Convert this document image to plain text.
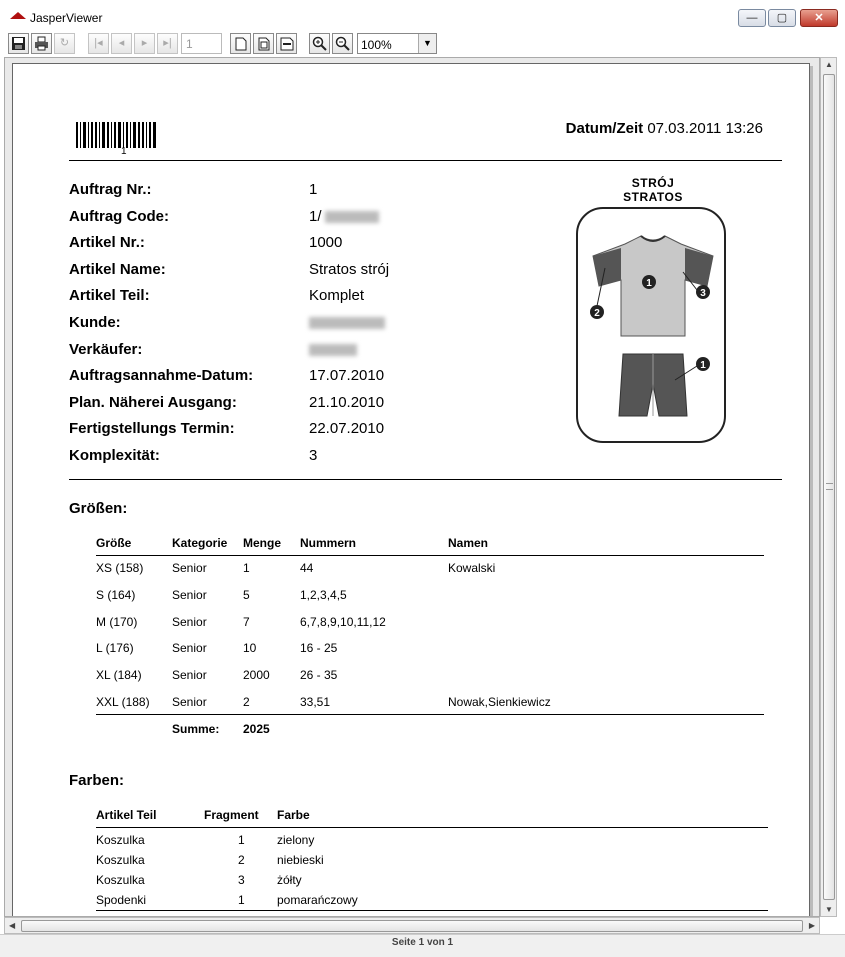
JasperViewer	—	▢	✕
↻	|◂	◂	▸	▸|
1	100%	▼
1
Datum/Zeit 07.03.2011 13:26
Auftrag Nr.:	1
Auftrag Code:	1/
Artikel Nr.:	1000
Artikel Name:	Stratos strój
Artikel Teil:	Komplet
Kunde:
Verkäufer:
Auftragsannahme-Datum:	17.07.2010
Plan. Näherei Ausgang:	21.10.2010
Fertigstellungs Termin:	22.07.2010
Komplexität:	3
STRÓJ
STRATOS
1
2
3
1
Größen:
Größe	Kategorie Menge Nummern	Namen
XS (158) Senior	1	44	Kowalski
S (164)	Senior	5	1,2,3,4,5
M (170)	Senior	7	6,7,8,9,10,11,12
L (176)	Senior	10	16 - 25
XL (184)	Senior	2000	26 - 35
XXL (188) Senior	2	33,51	Nowak,Sienkiewicz
Summe: 2025
Farben:
Artikel Teil	Fragment Farbe
Koszulka	1	zielony
Koszulka	2	niebieski
Koszulka	3	żółty
Spodenki	1	pomarańczowy
▲
▼
◀	▶
Seite 1 von 1
